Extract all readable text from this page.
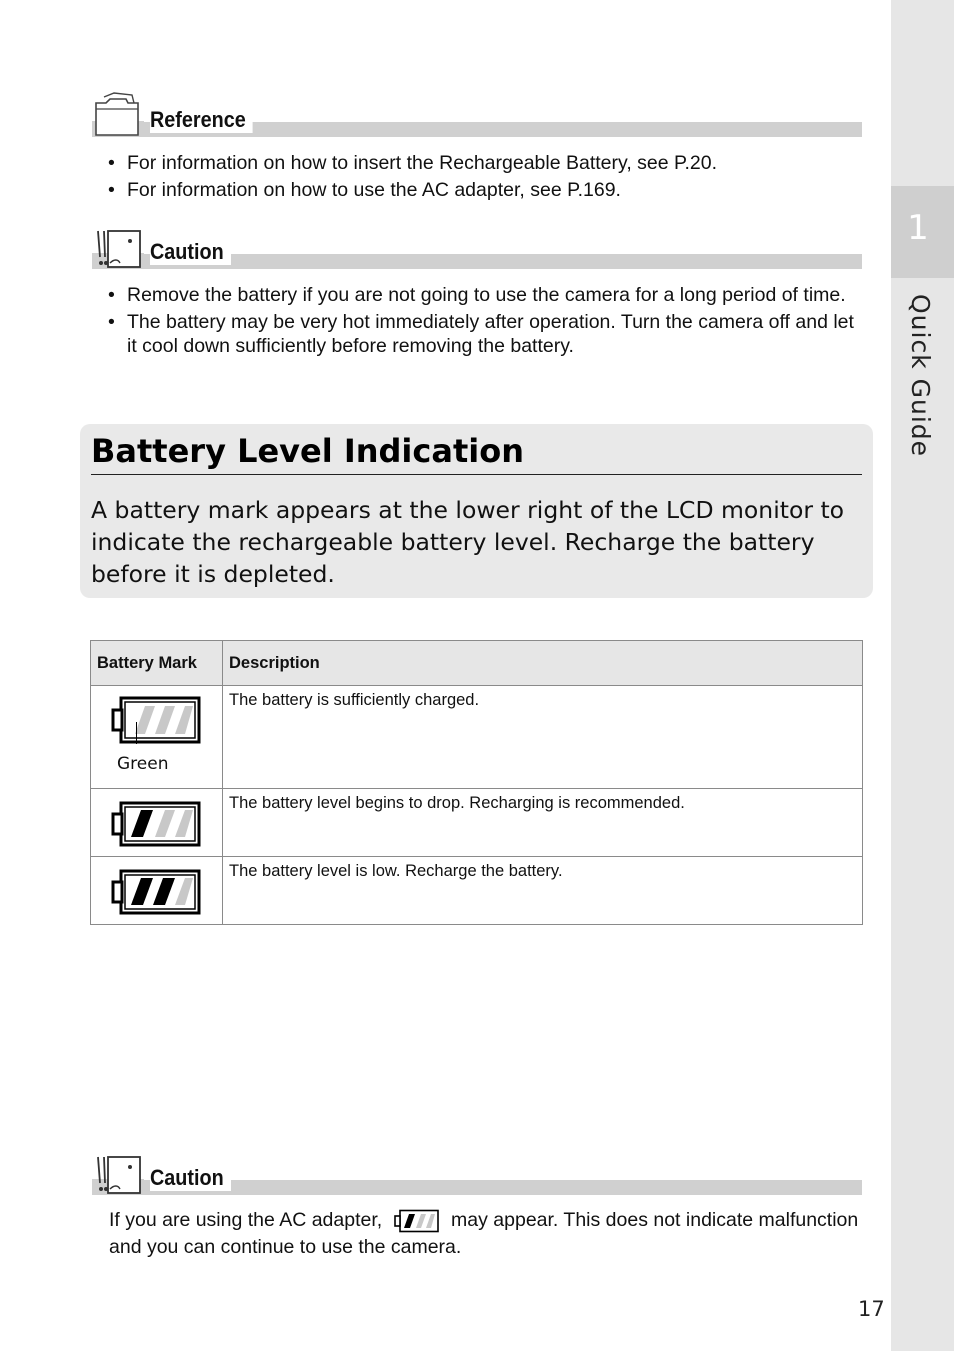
1
Quick Guide
Reference
• For information on how to insert the Rechargeable Battery, see P.20.
• For information on how to use the AC adapter, see P.169.
Caution
• Remove the battery if you are not going to use the camera for a long period of time.
• The battery may be very hot immediately after operation. Turn the camera off and let it cool down sufficiently before removing the battery.
Battery Level Indication
A battery mark appears at the lower right of the LCD monitor to indicate the rechargeable battery level. Recharge the battery before it is depleted.
Battery Mark	Description

Green	The battery is sufficiently charged.

	The battery level begins to drop. Recharging is recommended.

	The battery level is low. Recharge the battery.
Caution
If you are using the AC adapter,	may appear. This does not indicate malfunction and you can continue to use the camera.
17
